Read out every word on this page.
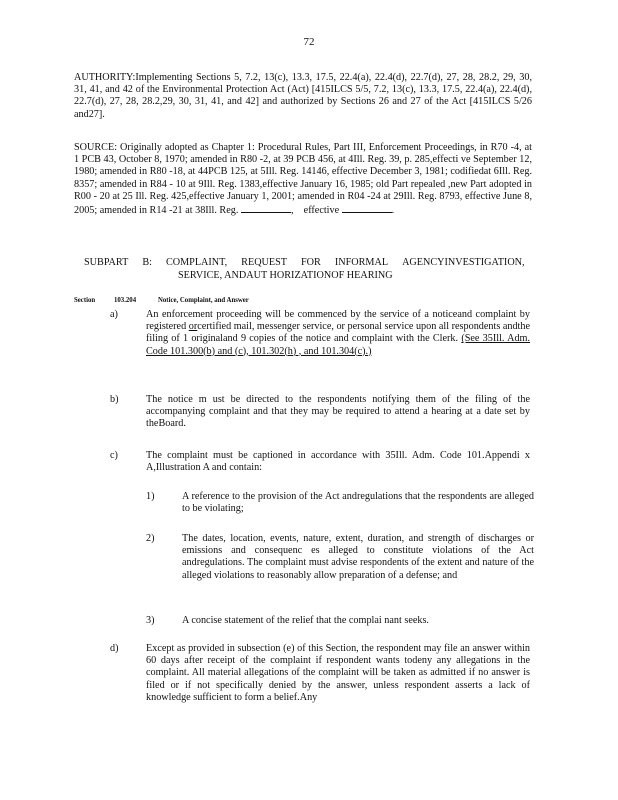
72
AUTHORITY:Implementing Sections 5, 7.2, 13(c), 13.3, 17.5, 22.4(a), 22.4(d), 22.7(d), 27, 28, 28.2, 29, 30, 31, 41, and 42 of the Environmental Protection Act (Act) [415ILCS 5/5, 7.2, 13(c), 13.3, 17.5, 22.4(a), 22.4(d), 22.7(d), 27, 28, 28.2,29, 30, 31, 41, and 42] and authorized by Sections 26 and 27 of the Act [415ILCS 5/26 and27].
SOURCE: Originally adopted as Chapter 1: Procedural Rules, Part III, Enforcement Proceedings, in R70 -4, at 1 PCB 43, October 8, 1970; amended in R80 -2, at 39 PCB 456, at 4Ill. Reg. 39, p. 285,effecti ve September 12, 1980; amended in R80 -18, at 44PCB 125, at 5Ill. Reg. 14146, effective December 3, 1981; codifiedat 6Ill. Reg. 8357; amended in R84 - 10 at 9Ill. Reg. 1383,effective January 16, 1985; old Part repealed ,new Part adopted in R00 - 20 at 25 Ill. Reg. 425,effective January 1, 2001; amended in R04 -24 at 29Ill. Reg. 8793, effective June 8, 2005; amended in R14 -21 at 38Ill. Reg.	, effective	.
SUBPART B: COMPLAINT, REQUEST FOR INFORMAL AGENCYINVESTIGATION,
SERVICE, ANDAUT HORIZATIONOF HEARING
Section	103.204	Notice, Complaint, and Answer
a)	An enforcement proceeding will be commenced by the service of a noticeand complaint by registered orcertified mail, messenger service, or personal service upon all respondents andthe filing of 1 originaland 9 copies of the notice and complaint with the Clerk. (See 35Ill. Adm. Code 101.300(b) and (c), 101.302(h) , and 101.304(c).)
b)	The notice m ust be directed to the respondents notifying them of the filing of the accompanying complaint and that they may be required to attend a hearing at a date set by theBoard.
c)	The complaint must be captioned in accordance with 35Ill. Adm. Code 101.Appendi x A,Illustration A and contain:
1)	A reference to the provision of the Act andregulations that the respondents are alleged to be violating;
2)	The dates, location, events, nature, extent, duration, and strength of discharges or emissions and consequenc es alleged to constitute violations of the Act andregulations. The complaint must advise respondents of the extent and nature of the alleged violations to reasonably allow preparation of a defense; and
3)	A concise statement of the relief that the complai nant seeks.
d)	Except as provided in subsection (e) of this Section, the respondent may file an answer within 60 days after receipt of the complaint if respondent wants todeny any allegations in the complaint. All material allegations of the complaint will be taken as admitted if no answer is filed or if not specifically denied by the answer, unless respondent asserts a lack of knowledge sufficient to form a belief.Any
